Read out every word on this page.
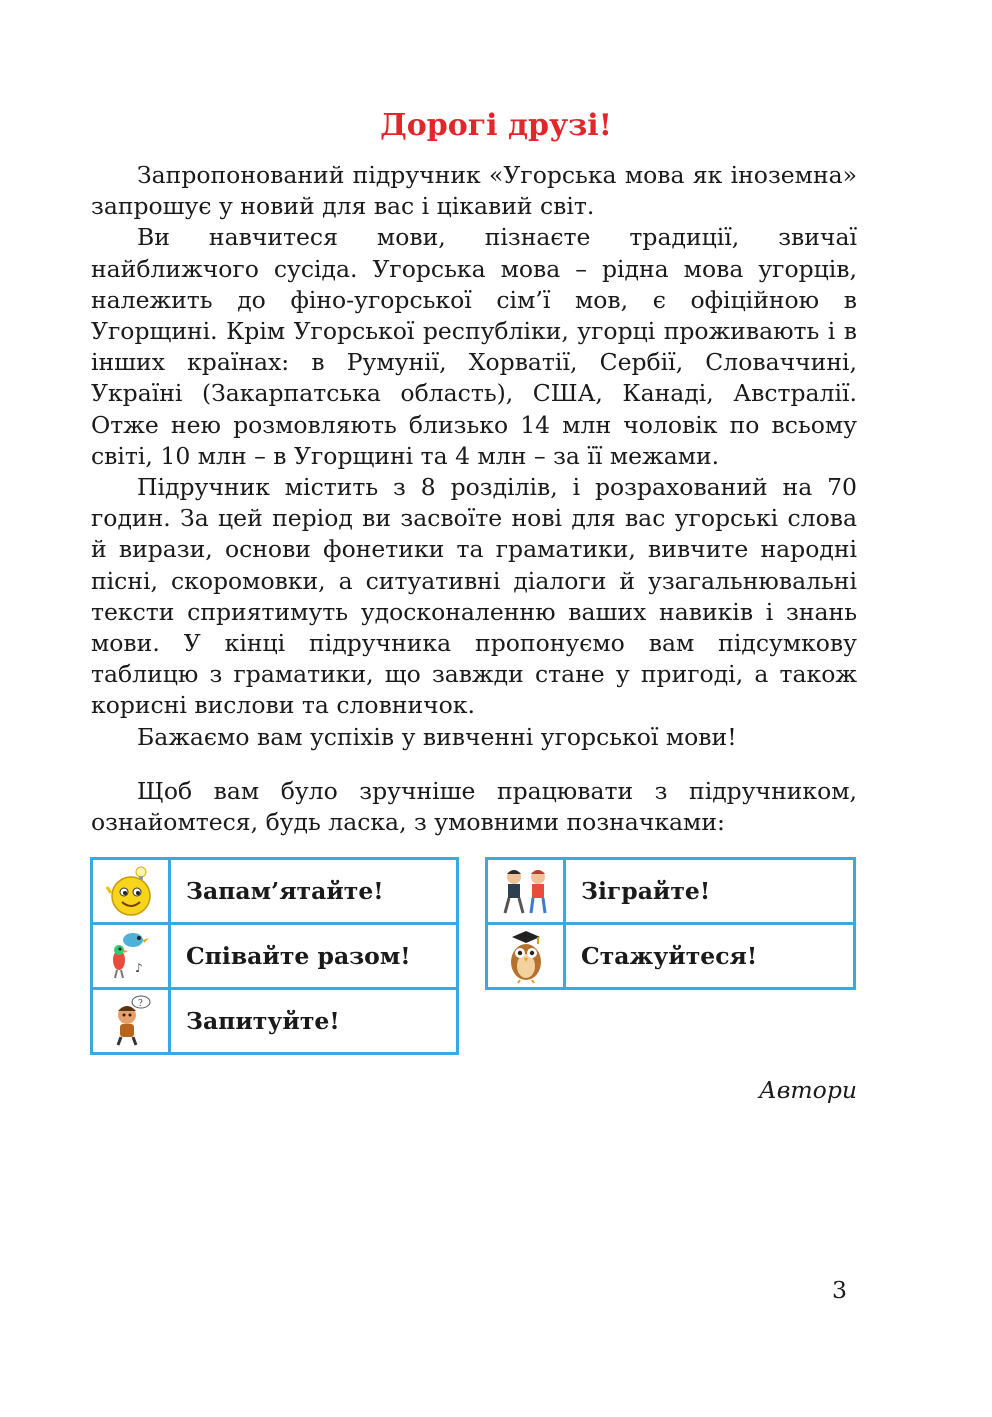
Дорогі друзі!

Запропонований підручник «Угорська мова як іноземна» запрошує у новий для вас і цікавий світ.

Ви навчитеся мови, пізнаєте традиції, звичаї найближчого сусіда. Угорська мова – рідна мова угорців, належить до фіно-угорської сім’ї мов, є офіційною в Угорщині. Крім Угорської республіки, угорці проживають і в інших країнах: в Румунії, Хорватії, Сербії, Словаччині, Україні (Закарпатська область), США, Канаді, Австралії. Отже нею розмовляють близько 14 млн чоловік по всьому світі, 10 млн – в Угорщині та 4 млн – за її межами.

Підручник містить з 8 розділів, і розрахований на 70 годин. За цей період ви засвоїте нові для вас угорські слова й вирази, основи фонетики та граматики, вивчите народні пісні, скоромовки, а ситуативні діалоги й узагальнювальні тексти сприятимуть удосконаленню ваших навиків і знань мови. У кінці підручника пропонуємо вам підсумкову таблицю з граматики, що завжди стане у пригоді, а також корисні вислови та словничок.

Бажаємо вам успіхів у вивченні угорської мови!

Щоб вам було зручніше працювати з підручником, ознайомтеся, будь ласка, з умовними позначками:

	Запам’ятайте!

♪	Співайте разом!

?	Запитуйте!
	Зіграйте!

	Стажуйтеся!
Автори
3
